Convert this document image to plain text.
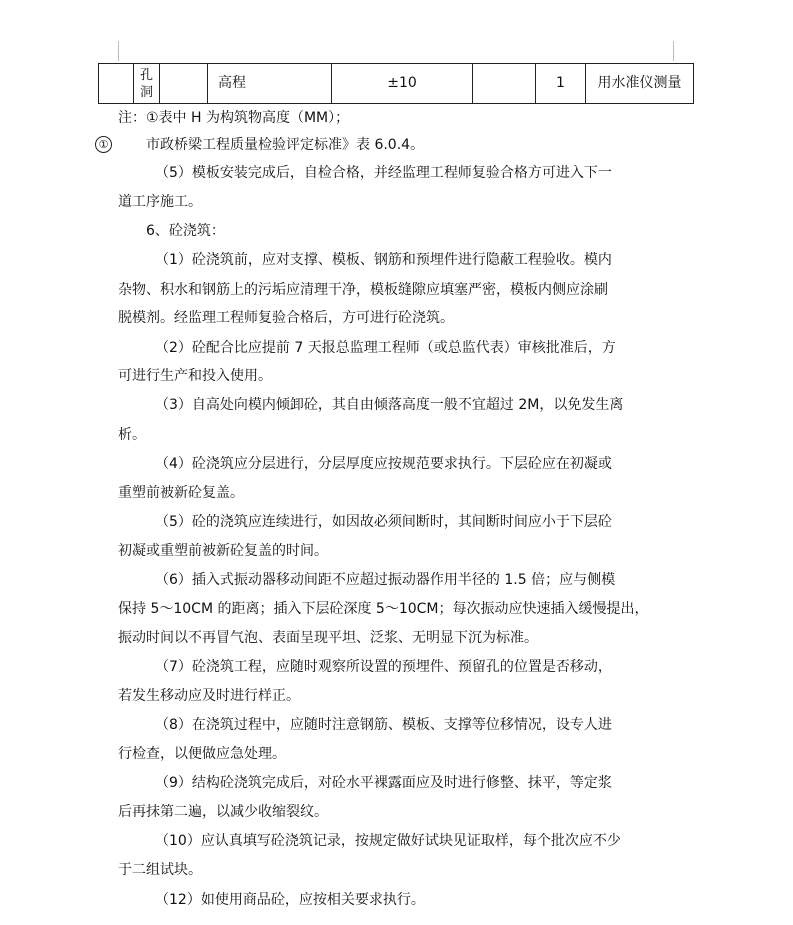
	孔洞		高程	±10		1	用水准仪测量
注：①表中 H 为构筑物高度（MM）；
①	市政桥梁工程质量检验评定标准》表 6.0.4。
（5）模板安装完成后，自检合格，并经监理工程师复验合格方可进入下一
道工序施工。
6、砼浇筑：
（1）砼浇筑前，应对支撑、模板、钢筋和预埋件进行隐蔽工程验收。模内
杂物、积水和钢筋上的污垢应清理干净，模板缝隙应填塞严密，模板内侧应涂刷
脱模剂。经监理工程师复验合格后，方可进行砼浇筑。
（2）砼配合比应提前 7 天报总监理工程师（或总监代表）审核批准后，方
可进行生产和投入使用。
（3）自高处向模内倾卸砼，其自由倾落高度一般不宜超过 2M，以免发生离
析。
（4）砼浇筑应分层进行，分层厚度应按规范要求执行。下层砼应在初凝或
重塑前被新砼复盖。
（5）砼的浇筑应连续进行，如因故必须间断时，其间断时间应小于下层砼
初凝或重塑前被新砼复盖的时间。
（6）插入式振动器移动间距不应超过振动器作用半径的 1.5 倍；应与侧模
保持 5～10CM 的距离；插入下层砼深度 5～10CM；每次振动应快速插入缓慢提出，
振动时间以不再冒气泡、表面呈现平坦、泛浆、无明显下沉为标准。
（7）砼浇筑工程，应随时观察所设置的预埋件、预留孔的位置是否移动，
若发生移动应及时进行样正。
（8）在浇筑过程中，应随时注意钢筋、模板、支撑等位移情况，设专人进
行检查，以便做应急处理。
（9）结构砼浇筑完成后，对砼水平裸露面应及时进行修整、抹平，等定浆
后再抹第二遍，以减少收缩裂纹。
（10）应认真填写砼浇筑记录，按规定做好试块见证取样，每个批次应不少
于二组试块。
（12）如使用商品砼，应按相关要求执行。
